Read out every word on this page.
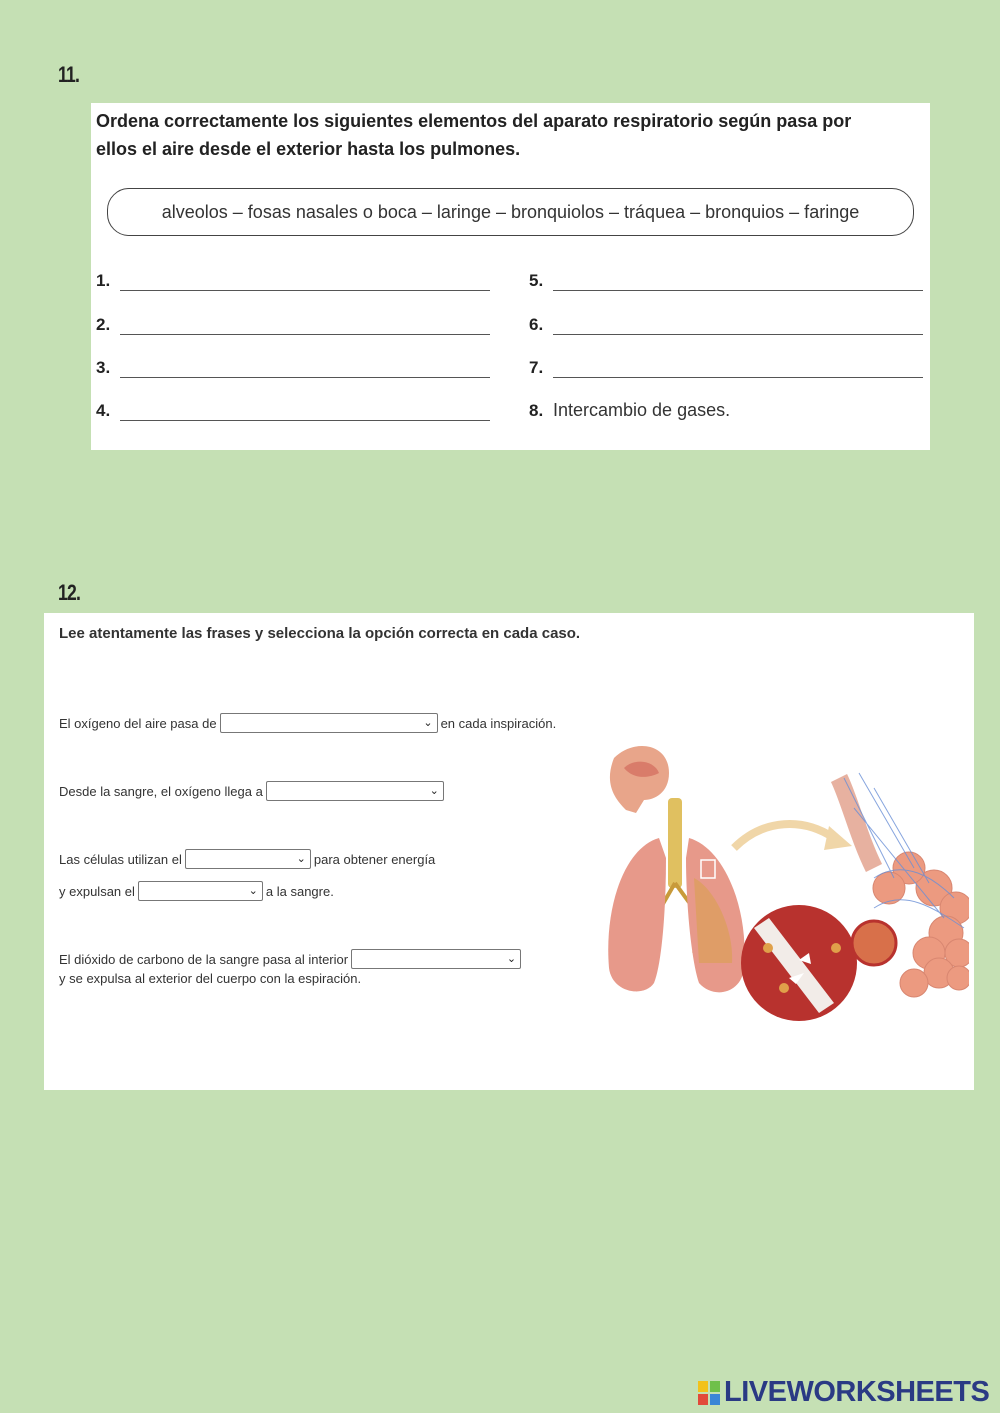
11.
Ordena correctamente los siguientes elementos del aparato respiratorio según pasa por ellos el aire desde el exterior hasta los pulmones.
alveolos – fosas nasales o boca – laringe – bronquiolos – tráquea – bronquios – faringe
1.
2.
3.
4.
5.
6.
7.
8. Intercambio de gases.
12.
Lee atentamente las frases y selecciona la opción correcta en cada caso.
El oxígeno del aire pasa de	⌄ en cada inspiración.
Desde la sangre, el oxígeno llega a	⌄
Las células utilizan el	⌄ para obtener energía
y expulsan el	⌄ a la sangre.
El dióxido de carbono de la sangre pasa al interior	⌄
y se expulsa al exterior del cuerpo con la espiración.
LIVEWORKSHEETS
